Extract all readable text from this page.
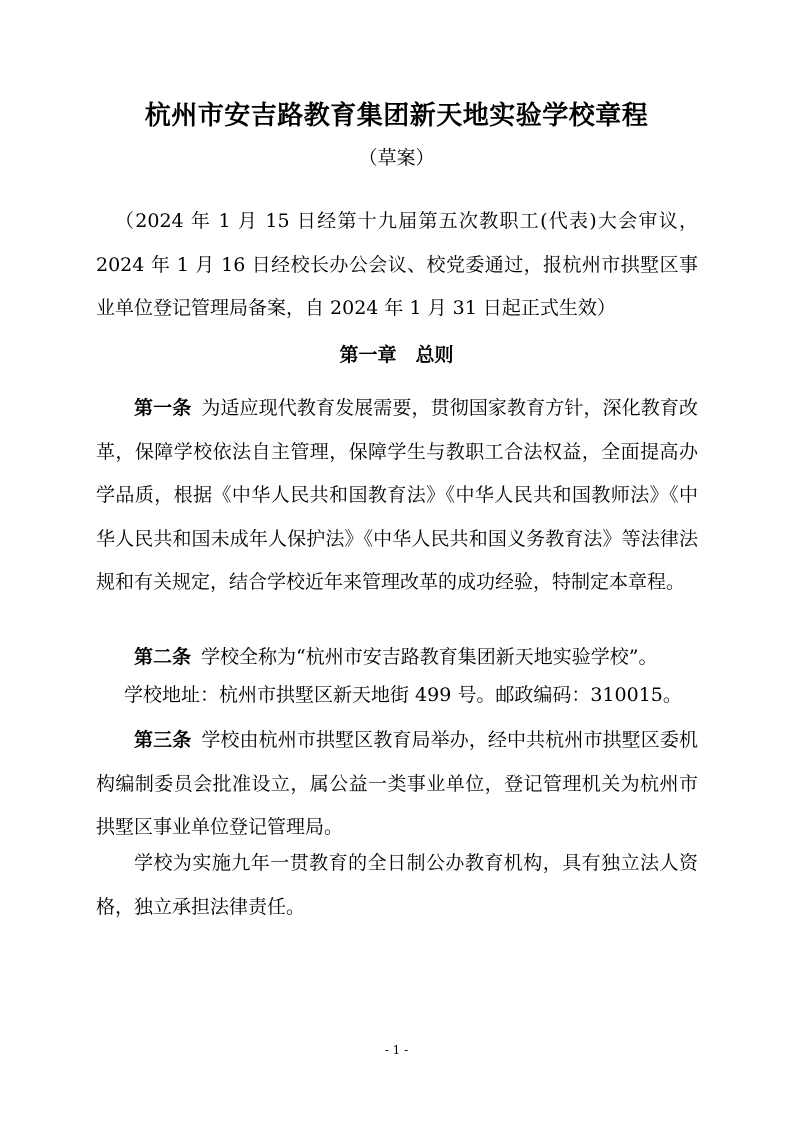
杭州市安吉路教育集团新天地实验学校章程
（草案）
（2024 年 1 月 15 日经第十九届第五次教职工(代表)大会审议，2024 年 1 月 16 日经校长办公会议、校党委通过，报杭州市拱墅区事业单位登记管理局备案，自 2024 年 1 月 31 日起正式生效）
第一章　总则
第一条 为适应现代教育发展需要，贯彻国家教育方针，深化教育改革，保障学校依法自主管理，保障学生与教职工合法权益，全面提高办学品质，根据《中华人民共和国教育法》《中华人民共和国教师法》《中华人民共和国未成年人保护法》《中华人民共和国义务教育法》等法律法规和有关规定，结合学校近年来管理改革的成功经验，特制定本章程。
第二条 学校全称为“杭州市安吉路教育集团新天地实验学校”。
学校地址：杭州市拱墅区新天地街 499 号。邮政编码：310015。
第三条 学校由杭州市拱墅区教育局举办，经中共杭州市拱墅区委机构编制委员会批准设立，属公益一类事业单位，登记管理机关为杭州市拱墅区事业单位登记管理局。
学校为实施九年一贯教育的全日制公办教育机构，具有独立法人资格，独立承担法律责任。
- 1 -
